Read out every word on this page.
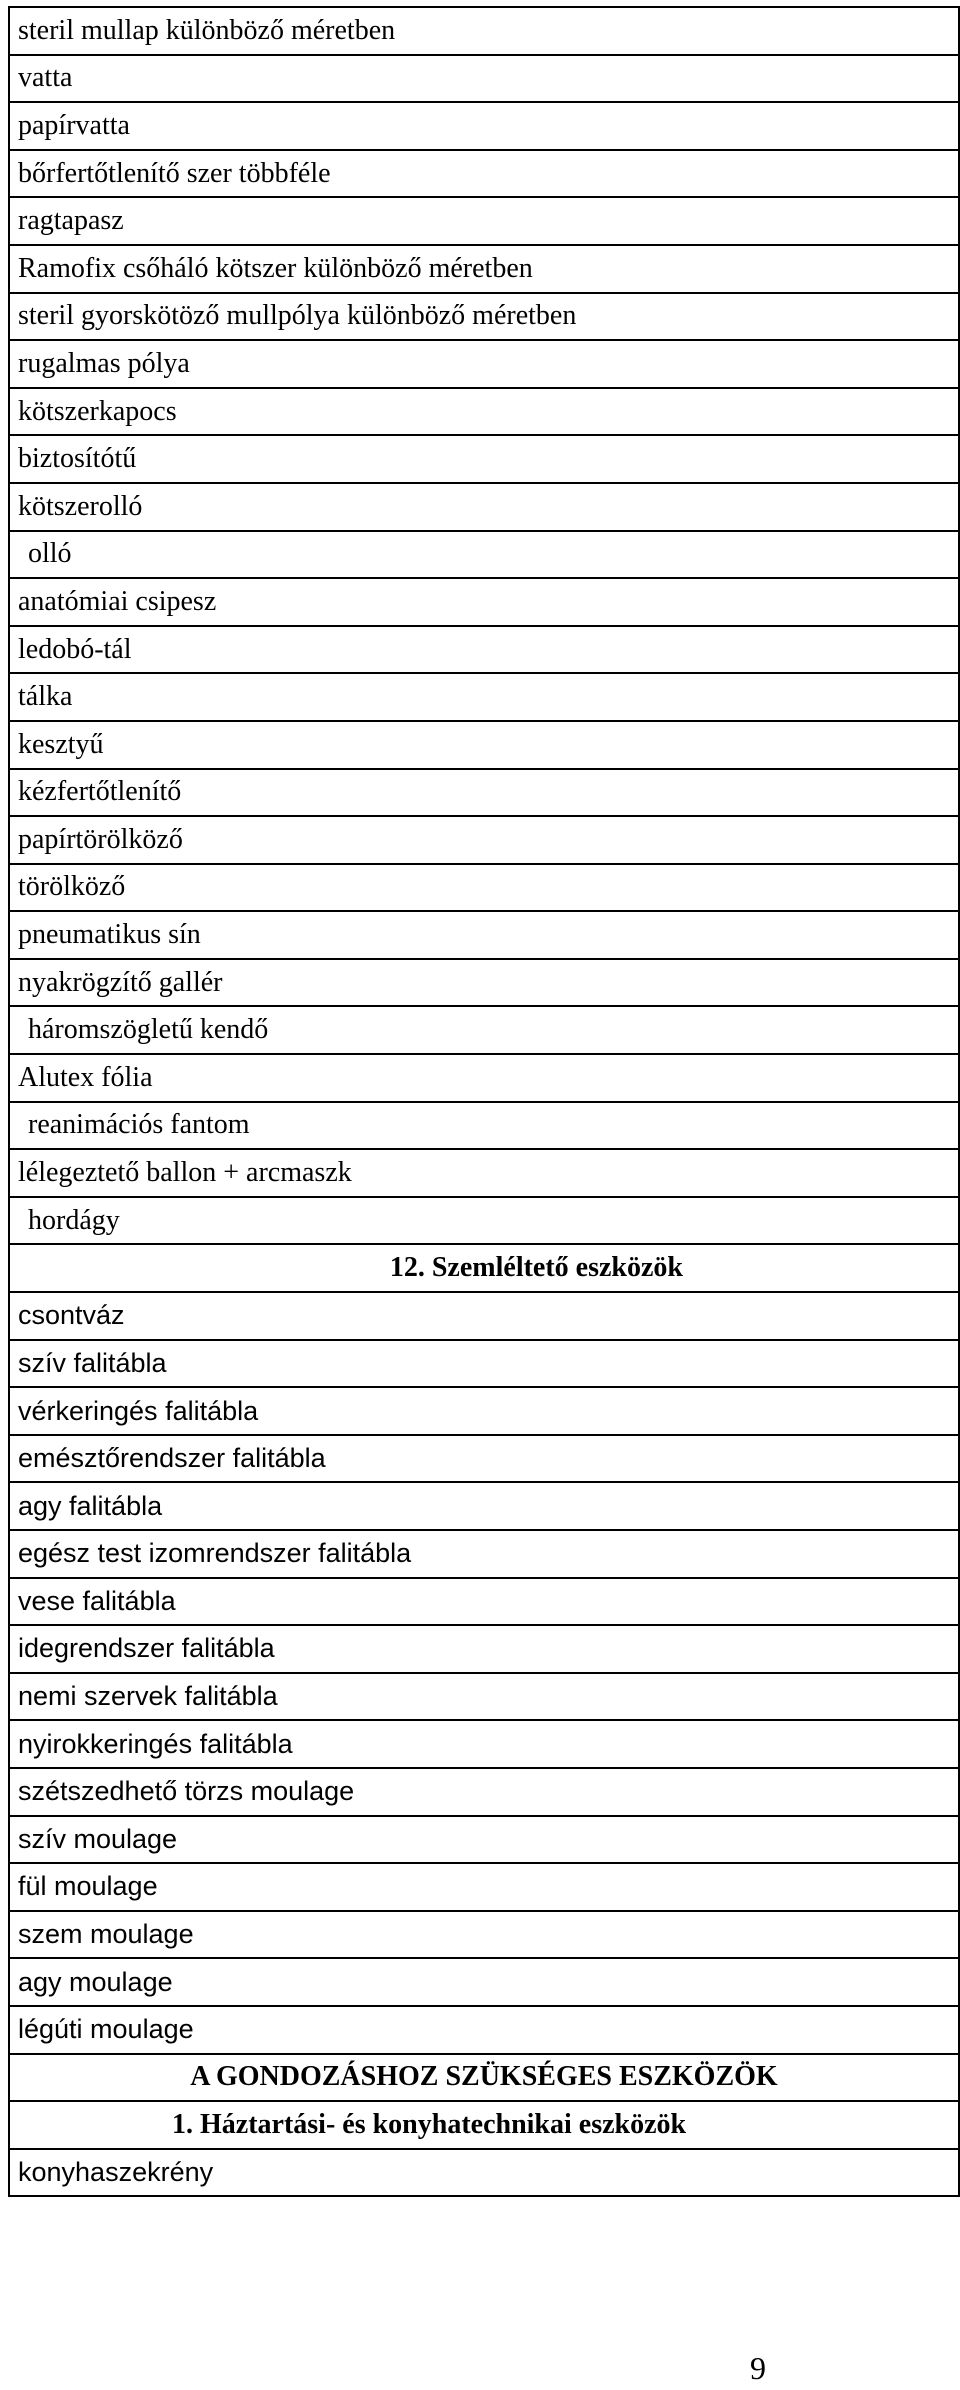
steril mullap különböző méretben
vatta
papírvatta
bőrfertőtlenítő szer többféle
ragtapasz
Ramofix csőháló kötszer különböző méretben
steril gyorskötöző mullpólya különböző méretben
rugalmas pólya
kötszerkapocs
biztosítótű
kötszerolló
olló
anatómiai csipesz
ledobó-tál
tálka
kesztyű
kézfertőtlenítő
papírtörölköző
törölköző
pneumatikus sín
nyakrögzítő gallér
háromszögletű kendő
Alutex fólia
reanimációs fantom
lélegeztető ballon + arcmaszk
hordágy
12. Szemléltető eszközök
csontváz
szív falitábla
vérkeringés falitábla
emésztőrendszer falitábla
agy falitábla
egész test izomrendszer falitábla
vese falitábla
idegrendszer falitábla
nemi szervek falitábla
nyirokkeringés falitábla
szétszedhető törzs moulage
szív moulage
fül moulage
szem moulage
agy moulage
légúti moulage
A GONDOZÁSHOZ SZÜKSÉGES ESZKÖZÖK
1. Háztartási- és konyhatechnikai eszközök
konyhaszekrény
9
